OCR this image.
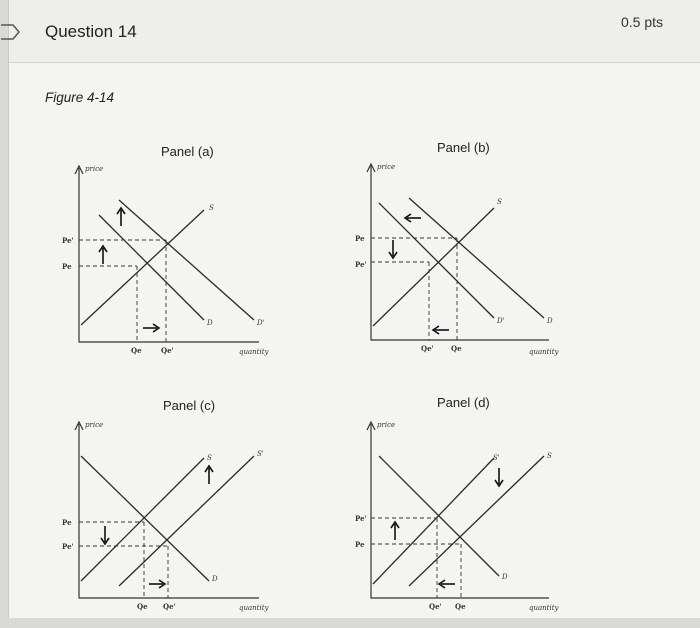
Question 14	0.5 pts
Figure 4-14
Panel (a)	Panel (b)
Panel (c)	Panel (d)
price
Pe'
Pe
Qe	Qe'
S
D	D'
quantity
price
Pe
Pe'
Qe' Qe
S
D'	D
quantity
price
Pe
Pe'
Qe Qe'
S	S'
D
quantity
price
Pe'
Pe
Qe' Qe
S'	S
D
quantity
